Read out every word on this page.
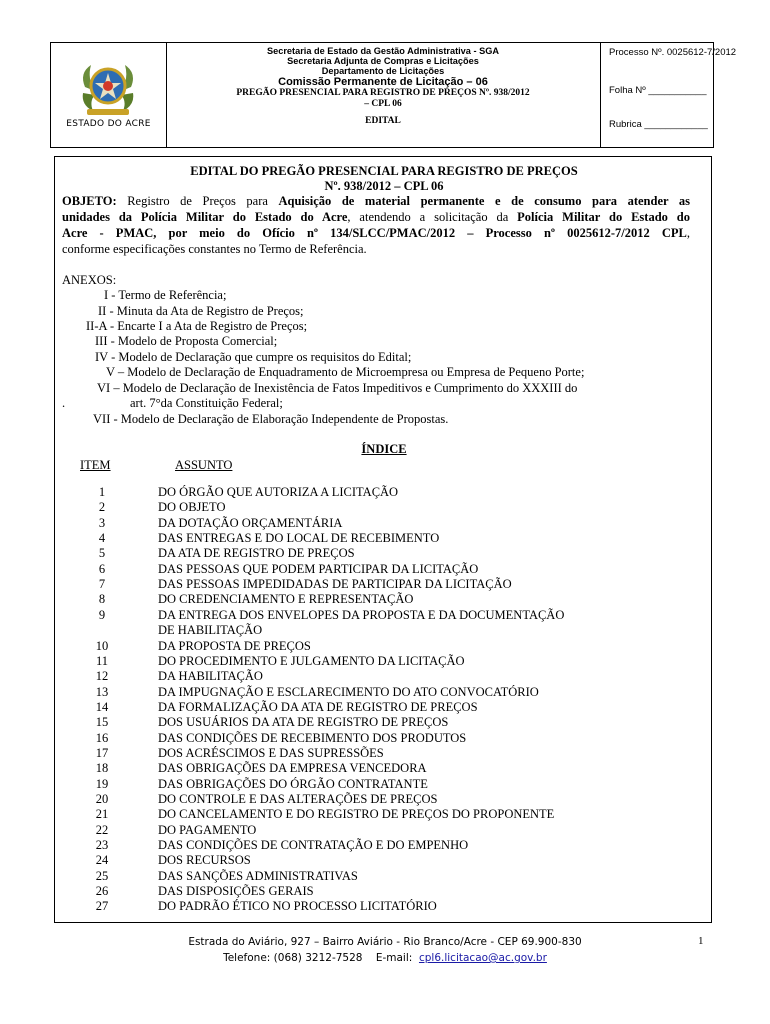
ESTADO DO ACRE
Secretaria de Estado da Gestão Administrativa - SGA
Secretaria Adjunta de Compras e Licitações
Departamento de Licitações
Comissão Permanente de Licitação – 06
PREGÃO PRESENCIAL PARA REGISTRO DE PREÇOS Nº. 938/2012
– CPL 06
EDITAL
Processo Nº. 0025612-7/2012
Folha Nº ___________
Rubrica ____________
EDITAL DO PREGÃO PRESENCIAL PARA REGISTRO DE PREÇOS
Nº. 938/2012 – CPL 06
OBJETO: Registro de Preços para Aquisição de material permanente e de consumo para atender as
unidades da Polícia Militar do Estado do Acre, atendendo a solicitação da Polícia Militar do Estado do
Acre - PMAC, por meio do Ofício nº 134/SLCC/PMAC/2012 – Processo nº 0025612-7/2012 CPL,
conforme especificações constantes no Termo de Referência.
ANEXOS:
I - Termo de Referência;
II - Minuta da Ata de Registro de Preços;
II-A - Encarte I a Ata de Registro de Preços;
III - Modelo de Proposta Comercial;
IV - Modelo de Declaração que cumpre os requisitos do Edital;
V – Modelo de Declaração de Enquadramento de Microempresa ou Empresa de Pequeno Porte;
VI – Modelo de Declaração de Inexistência de Fatos Impeditivos e Cumprimento do XXXIII do
.	art. 7°da Constituição Federal;
VII - Modelo de Declaração de Elaboração Independente de Propostas.
ÍNDICE
ITEM	ASSUNTO
1	DO ÓRGÃO QUE AUTORIZA A LICITAÇÃO
2	DO OBJETO
3	DA DOTAÇÃO ORÇAMENTÁRIA
4	DAS ENTREGAS E DO LOCAL DE RECEBIMENTO
5	DA ATA DE REGISTRO DE PREÇOS
6	DAS PESSOAS QUE PODEM PARTICIPAR DA LICITAÇÃO
7	DAS PESSOAS IMPEDIDADAS DE PARTICIPAR DA LICITAÇÃO
8	DO CREDENCIAMENTO E REPRESENTAÇÃO
9	DA ENTREGA DOS ENVELOPES DA PROPOSTA E DA DOCUMENTAÇÃO
DE HABILITAÇÃO
10	DA PROPOSTA DE PREÇOS
11	DO PROCEDIMENTO E JULGAMENTO DA LICITAÇÃO
12	DA HABILITAÇÃO
13	DA IMPUGNAÇÃO E ESCLARECIMENTO DO ATO CONVOCATÓRIO
14	DA FORMALIZAÇÃO DA ATA DE REGISTRO DE PREÇOS
15	DOS USUÁRIOS DA ATA DE REGISTRO DE PREÇOS
16	DAS CONDIÇÕES DE RECEBIMENTO DOS PRODUTOS
17	DOS ACRÉSCIMOS E DAS SUPRESSÕES
18	DAS OBRIGAÇÕES DA EMPRESA VENCEDORA
19	DAS OBRIGAÇÕES DO ÓRGÃO CONTRATANTE
20	DO CONTROLE E DAS ALTERAÇÕES DE PREÇOS
21	DO CANCELAMENTO E DO REGISTRO DE PREÇOS DO PROPONENTE
22	DO PAGAMENTO
23	DAS CONDIÇÕES DE CONTRATAÇÃO E DO EMPENHO
24	DOS RECURSOS
25	DAS SANÇÕES ADMINISTRATIVAS
26	DAS DISPOSIÇÕES GERAIS
27	DO PADRÃO ÉTICO NO PROCESSO LICITATÓRIO
Estrada do Aviário, 927 – Bairro Aviário - Rio Branco/Acre - CEP 69.900-830
Telefone: (068) 3212-7528    E-mail:  cpl6.licitacao@ac.gov.br
1
